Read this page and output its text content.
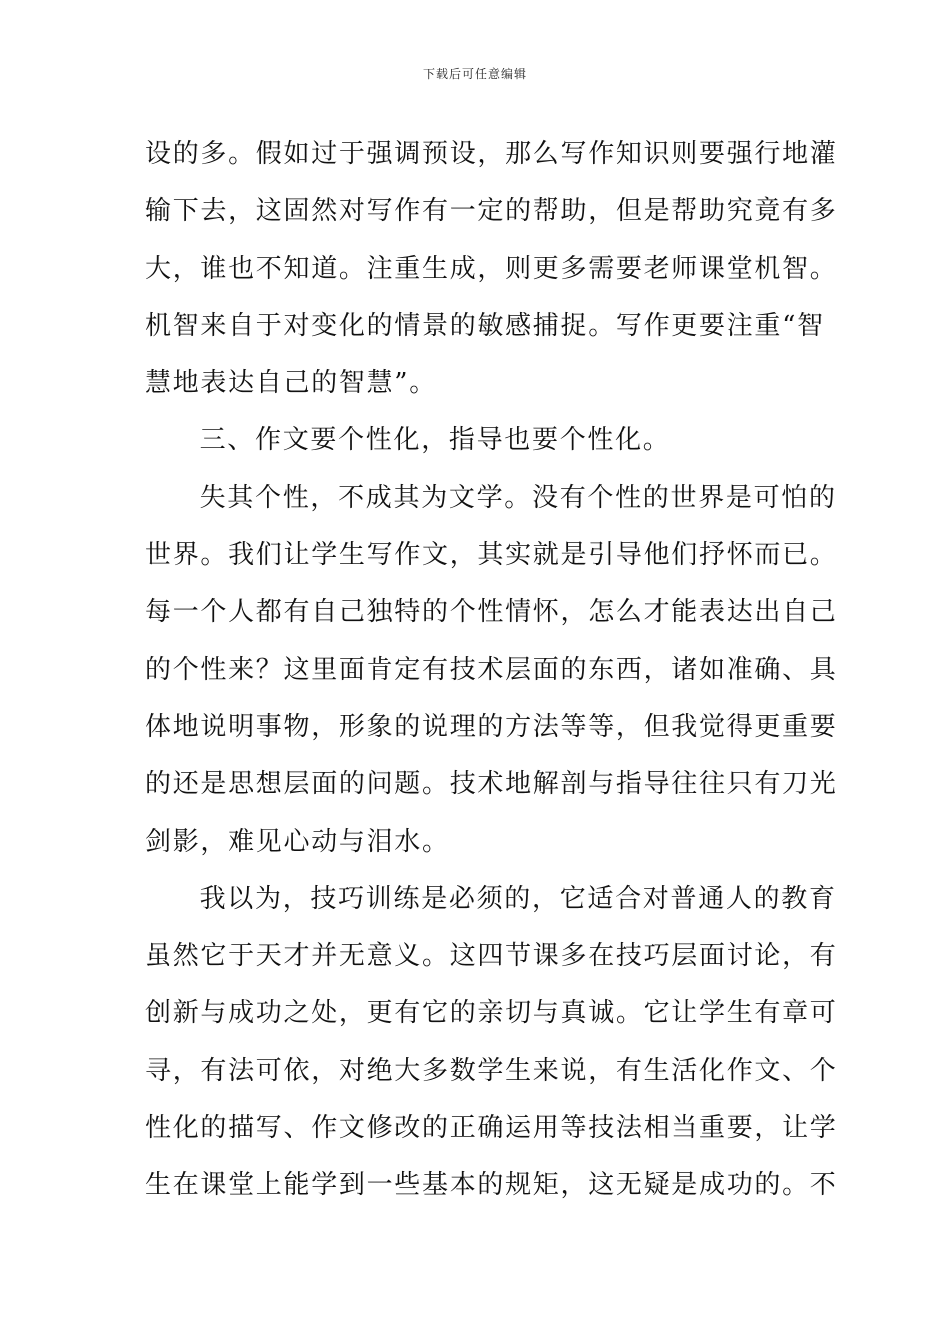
下载后可任意编辑

设的多。假如过于强调预设，那么写作知识则要强行地灌
输下去，这固然对写作有一定的帮助，但是帮助究竟有多
大，谁也不知道。注重生成，则更多需要老师课堂机智。
机智来自于对变化的情景的敏感捕捉。写作更要注重“智
慧地表达自己的智慧”。

三、作文要个性化，指导也要个性化。

失其个性，不成其为文学。没有个性的世界是可怕的
世界。我们让学生写作文，其实就是引导他们抒怀而已。
每一个人都有自己独特的个性情怀，怎么才能表达出自己
的个性来？这里面肯定有技术层面的东西，诸如准确、具
体地说明事物，形象的说理的方法等等，但我觉得更重要
的还是思想层面的问题。技术地解剖与指导往往只有刀光
剑影，难见心动与泪水。

我以为，技巧训练是必须的，它适合对普通人的教育
虽然它于天才并无意义。这四节课多在技巧层面讨论，有
创新与成功之处，更有它的亲切与真诚。它让学生有章可
寻，有法可依，对绝大多数学生来说，有生活化作文、个
性化的描写、作文修改的正确运用等技法相当重要，让学
生在课堂上能学到一些基本的规矩，这无疑是成功的。不
